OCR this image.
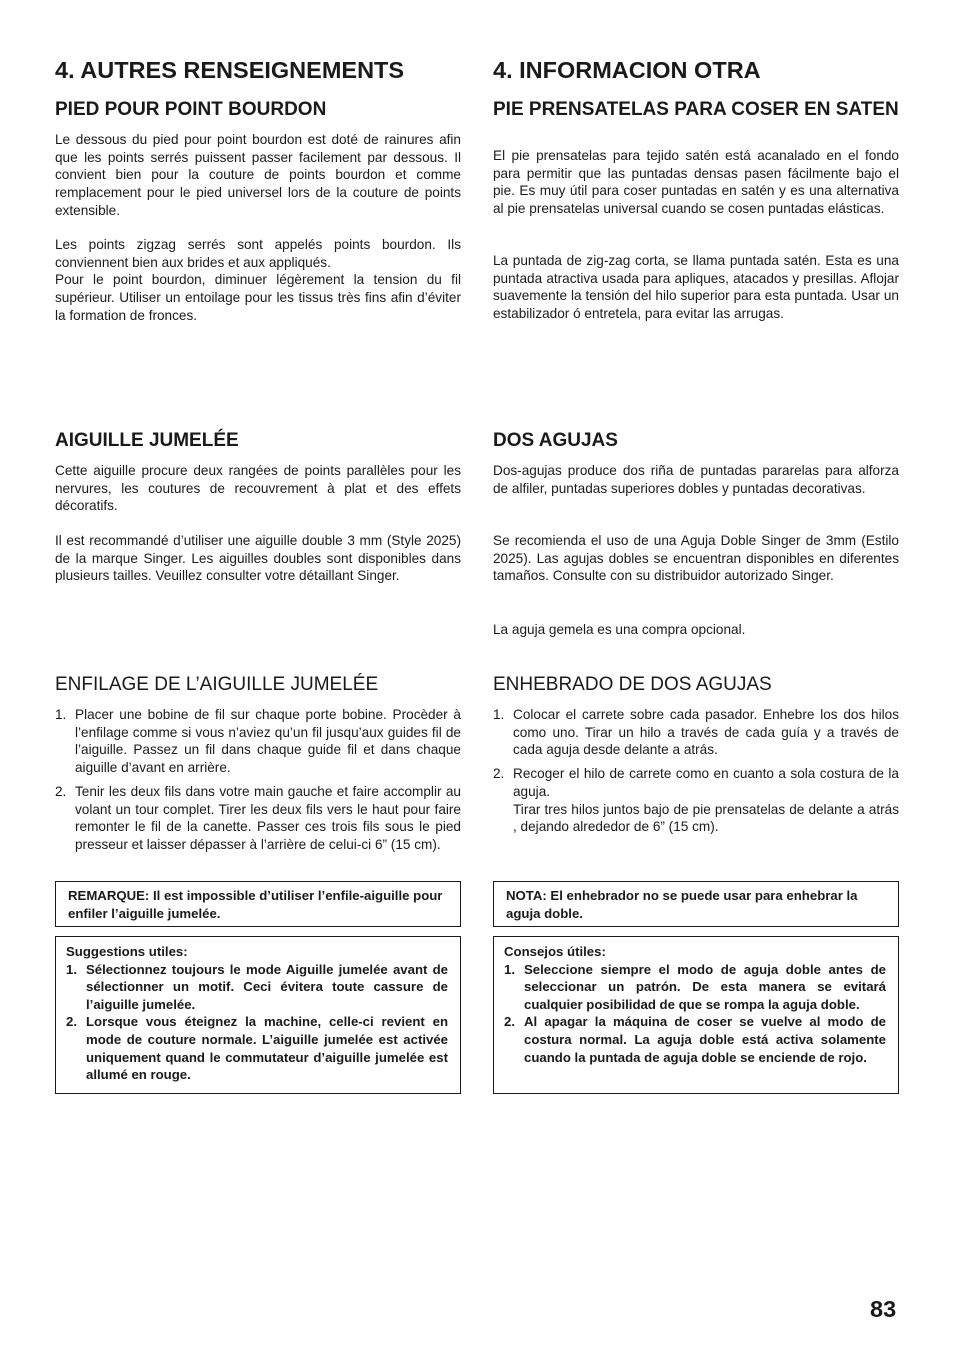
4. AUTRES RENSEIGNEMENTS
PIED POUR POINT BOURDON

Le dessous du pied pour point bourdon est doté de rainures afin que les points serrés puissent passer facilement par dessous. Il convient bien pour la couture de points bourdon et comme remplacement pour le pied universel lors de la couture de points extensible.

Les points zigzag serrés sont appelés points bourdon. Ils conviennent bien aux brides et aux appliqués.
Pour le point bourdon, diminuer légèrement la tension du fil supérieur. Utiliser un entoilage pour les tissus très fins afin d’éviter la formation de fronces.

AIGUILLE JUMELÉE

Cette aiguille procure deux rangées de points parallèles pour les nervures, les coutures de recouvrement à plat et des effets décoratifs.

Il est recommandé d’utiliser une aiguille double 3 mm (Style 2025) de la marque Singer. Les aiguilles doubles sont disponibles dans plusieurs tailles. Veuillez consulter votre détaillant Singer.

ENFILAGE DE L’AIGUILLE JUMELÉE
1. Placer une bobine de fil sur chaque porte bobine. Procèder à l’enfilage comme si vous n’aviez qu’un fil jusqu’aux guides fil de l’aiguille. Passez un fil dans chaque guide fil et dans chaque aiguille d’avant en arrière.
2. Tenir les deux fils dans votre main gauche et faire accomplir au volant un tour complet. Tirer les deux fils vers le haut pour faire remonter le fil de la canette. Passer ces trois fils sous le pied presseur et laisser dépasser à l’arrière de celui-ci 6” (15 cm).
REMARQUE: Il est impossible d’utiliser l’enfile-aiguille pour enfiler l’aiguille jumelée.

Suggestions utiles:

1. Sélectionnez toujours le mode Aiguille jumelée avant de sélectionner un motif. Ceci évitera toute cassure de l’aiguille jumelée.
2. Lorsque vous éteignez la machine, celle-ci revient en mode de couture normale. L’aiguille jumelée est activée uniquement quand le commutateur d’aiguille jumelée est allumé en rouge.
4. INFORMACION OTRA
PIE PRENSATELAS PARA COSER EN SATEN

El pie prensatelas para tejido satén está acanalado en el fondo para permitir que las puntadas densas pasen fácilmente bajo el pie. Es muy útil para coser puntadas en satén y es una alternativa al pie prensatelas universal cuando se cosen puntadas elásticas.

La puntada de zig-zag corta, se llama puntada satén. Esta es una puntada atractiva usada para apliques, atacados y presillas. Aflojar suavemente la tensión del hilo superior para esta puntada. Usar un estabilizador ó entretela, para evitar las arrugas.

DOS AGUJAS

Dos-agujas produce dos riña de puntadas pararelas para alforza de alfiler, puntadas superiores dobles y puntadas decorativas.

Se recomienda el uso de una Aguja Doble Singer de 3mm (Estilo 2025). Las agujas dobles se encuentran disponibles en diferentes tamaños. Consulte con su distribuidor autorizado Singer.

La aguja gemela es una compra opcional.

ENHEBRADO DE DOS AGUJAS
1. Colocar el carrete sobre cada pasador. Enhebre los dos hilos como uno. Tirar un hilo a través de cada guía y a través de cada aguja desde delante a atrás.
2. Recoger el hilo de carrete como en cuanto a sola costura de la aguja.
Tirar tres hilos juntos bajo de pie prensatelas de delante a atrás , dejando alrededor de 6” (15 cm).
NOTA: El enhebrador no se puede usar para enhebrar la aguja doble.

Consejos útiles:

1. Seleccione siempre el modo de aguja doble antes de seleccionar un patrón. De esta manera se evitará cualquier posibilidad de que se rompa la aguja doble.
2. Al apagar la máquina de coser se vuelve al modo de costura normal. La aguja doble está activa solamente cuando la puntada de aguja doble se enciende de rojo.
83
